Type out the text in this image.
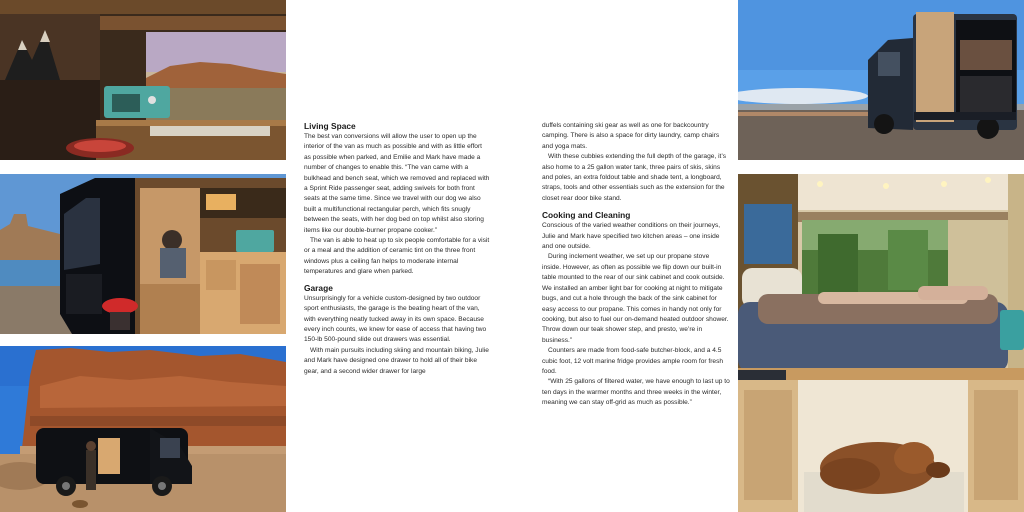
Living Space

The best van conversions will allow the user to open up the interior of the van as much as possible and with as little effort as possible when parked, and Emilie and Mark have made a number of changes to enable this. “The van came with a bulkhead and bench seat, which we removed and replaced with a Sprint Ride passenger seat, adding swivels for both front seats at the same time. Since we travel with our dog we also built a multifunctional rectangular perch, which fits snugly between the seats, with her dog bed on top whilst also storing items like our double-burner propane cooker.”

The van is able to heat up to six people comfortable for a visit or a meal and the addition of ceramic tint on the three front windows plus a ceiling fan helps to moderate internal temperatures and glare when parked.

Garage

Unsurprisingly for a vehicle custom-designed by two outdoor sport enthusiasts, the garage is the beating heart of the van, with everything neatly tucked away in its own space. Because every inch counts, we knew for ease of access that having two 150-lb 500-pound slide out drawers was essential.

With main pursuits including skiing and mountain biking, Julie and Mark have designed one drawer to hold all of their bike gear, and a second wider drawer for large

duffels containing ski gear as well as one for backcountry camping. There is also a space for dirty laundry, camp chairs and yoga mats.

With these cubbies extending the full depth of the garage, it’s also home to a 25 gallon water tank, three pairs of skis, skins and poles, an extra foldout table and shade tent, a longboard, straps, tools and other essentials such as the extension for the closet rear door bike stand.

Cooking and Cleaning

Conscious of the varied weather conditions on their journeys, Julie and Mark have specified two kitchen areas – one inside and one outside.

During inclement weather, we set up our propane stove inside. However, as often as possible we flip down our built-in table mounted to the rear of our sink cabinet and cook outside. We installed an amber light bar for cooking at night to mitigate bugs, and cut a hole through the back of the sink cabinet for easy access to our propane. This comes in handy not only for cooking, but also to fuel our on-demand heated outdoor shower. Throw down our teak shower step, and presto, we’re in business.”

Counters are made from food-safe butcher-block, and a 4.5 cubic foot, 12 volt marine fridge provides ample room for fresh food.

“With 25 gallons of filtered water, we have enough to last up to ten days in the warmer months and three weeks in the winter, meaning we can stay off-grid as much as possible.”
